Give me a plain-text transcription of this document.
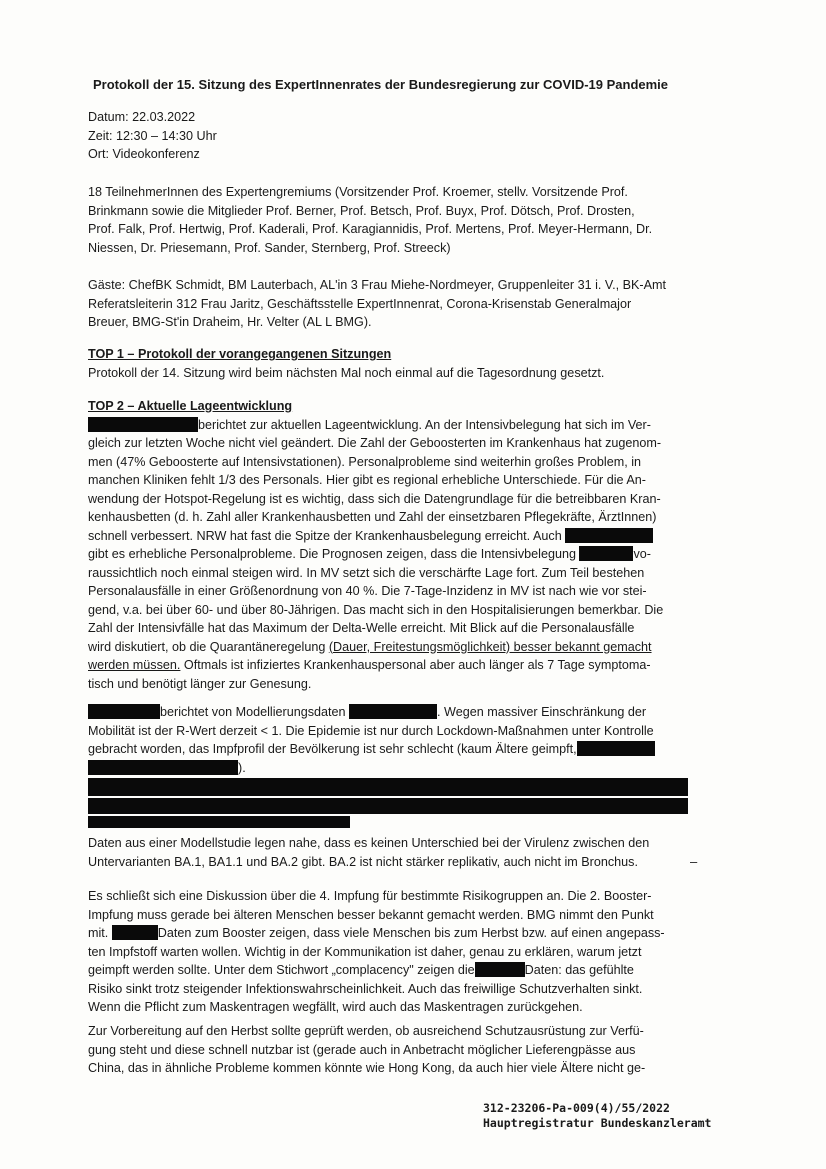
Protokoll der 15. Sitzung des ExpertInnenrates der Bundesregierung zur COVID-19 Pandemie
Datum: 22.03.2022
Zeit: 12:30 – 14:30 Uhr
Ort: Videokonferenz
18 TeilnehmerInnen des Expertengremiums (Vorsitzender Prof. Kroemer, stellv. Vorsitzende Prof.
Brinkmann sowie die Mitglieder Prof. Berner, Prof. Betsch, Prof. Buyx, Prof. Dötsch, Prof. Drosten,
Prof. Falk, Prof. Hertwig, Prof. Kaderali, Prof. Karagiannidis, Prof. Mertens, Prof. Meyer-Hermann, Dr.
Niessen, Dr. Priesemann, Prof. Sander, Sternberg, Prof. Streeck)
Gäste: ChefBK Schmidt, BM Lauterbach, AL'in 3 Frau Miehe-Nordmeyer, Gruppenleiter 31 i. V., BK-Amt
Referatsleiterin 312 Frau Jaritz, Geschäftsstelle ExpertInnenrat, Corona-Krisenstab Generalmajor
Breuer, BMG-St'in Draheim, Hr. Velter (AL L BMG).
TOP 1 – Protokoll der vorangegangenen Sitzungen
Protokoll der 14. Sitzung wird beim nächsten Mal noch einmal auf die Tagesordnung gesetzt.
TOP 2 – Aktuelle Lageentwicklung
berichtet zur aktuellen Lageentwicklung. An der Intensivbelegung hat sich im Ver-
gleich zur letzten Woche nicht viel geändert. Die Zahl der Geboosterten im Krankenhaus hat zugenom-
men (47% Geboosterte auf Intensivstationen). Personalprobleme sind weiterhin großes Problem, in
manchen Kliniken fehlt 1/3 des Personals. Hier gibt es regional erhebliche Unterschiede. Für die An-
wendung der Hotspot-Regelung ist es wichtig, dass sich die Datengrundlage für die betreibbaren Kran-
kenhausbetten (d. h. Zahl aller Krankenhausbetten und Zahl der einsetzbaren Pflegekräfte, ÄrztInnen)
schnell verbessert. NRW hat fast die Spitze der Krankenhausbelegung erreicht. Auch
gibt es erhebliche Personalprobleme. Die Prognosen zeigen, dass die Intensivbelegung	vo-
raussichtlich noch einmal steigen wird. In MV setzt sich die verschärfte Lage fort. Zum Teil bestehen
Personalausfälle in einer Größenordnung von 40 %. Die 7-Tage-Inzidenz in MV ist nach wie vor stei-
gend, v.a. bei über 60- und über 80-Jährigen. Das macht sich in den Hospitalisierungen bemerkbar. Die
Zahl der Intensivfälle hat das Maximum der Delta-Welle erreicht. Mit Blick auf die Personalausfälle
wird diskutiert, ob die Quarantäneregelung (Dauer, Freitestungsmöglichkeit) besser bekannt gemacht
werden müssen. Oftmals ist infiziertes Krankenhauspersonal aber auch länger als 7 Tage symptoma-
tisch und benötigt länger zur Genesung.
berichtet von Modellierungsdaten	. Wegen massiver Einschränkung der
Mobilität ist der R-Wert derzeit < 1. Die Epidemie ist nur durch Lockdown-Maßnahmen unter Kontrolle
gebracht worden, das Impfprofil der Bevölkerung ist sehr schlecht (kaum Ältere geimpft,
).
Daten aus einer Modellstudie legen nahe, dass es keinen Unterschied bei der Virulenz zwischen den
Untervarianten BA.1, BA1.1 und BA.2 gibt. BA.2 ist nicht stärker replikativ, auch nicht im Bronchus.	–
Es schließt sich eine Diskussion über die 4. Impfung für bestimmte Risikogruppen an. Die 2. Booster-
Impfung muss gerade bei älteren Menschen besser bekannt gemacht werden. BMG nimmt den Punkt
mit.	Daten zum Booster zeigen, dass viele Menschen bis zum Herbst bzw. auf einen angepass-
ten Impfstoff warten wollen. Wichtig in der Kommunikation ist daher, genau zu erklären, warum jetzt
geimpft werden sollte. Unter dem Stichwort „complacency" zeigen die	Daten: das gefühlte
Risiko sinkt trotz steigender Infektionswahrscheinlichkeit. Auch das freiwillige Schutzverhalten sinkt.
Wenn die Pflicht zum Maskentragen wegfällt, wird auch das Maskentragen zurückgehen.
Zur Vorbereitung auf den Herbst sollte geprüft werden, ob ausreichend Schutzausrüstung zur Verfü-
gung steht und diese schnell nutzbar ist (gerade auch in Anbetracht möglicher Lieferengpässe aus
China, das in ähnliche Probleme kommen könnte wie Hong Kong, da auch hier viele Ältere nicht ge-
312-23206-Pa-009(4)/55/2022
Hauptregistratur Bundeskanzleramt
